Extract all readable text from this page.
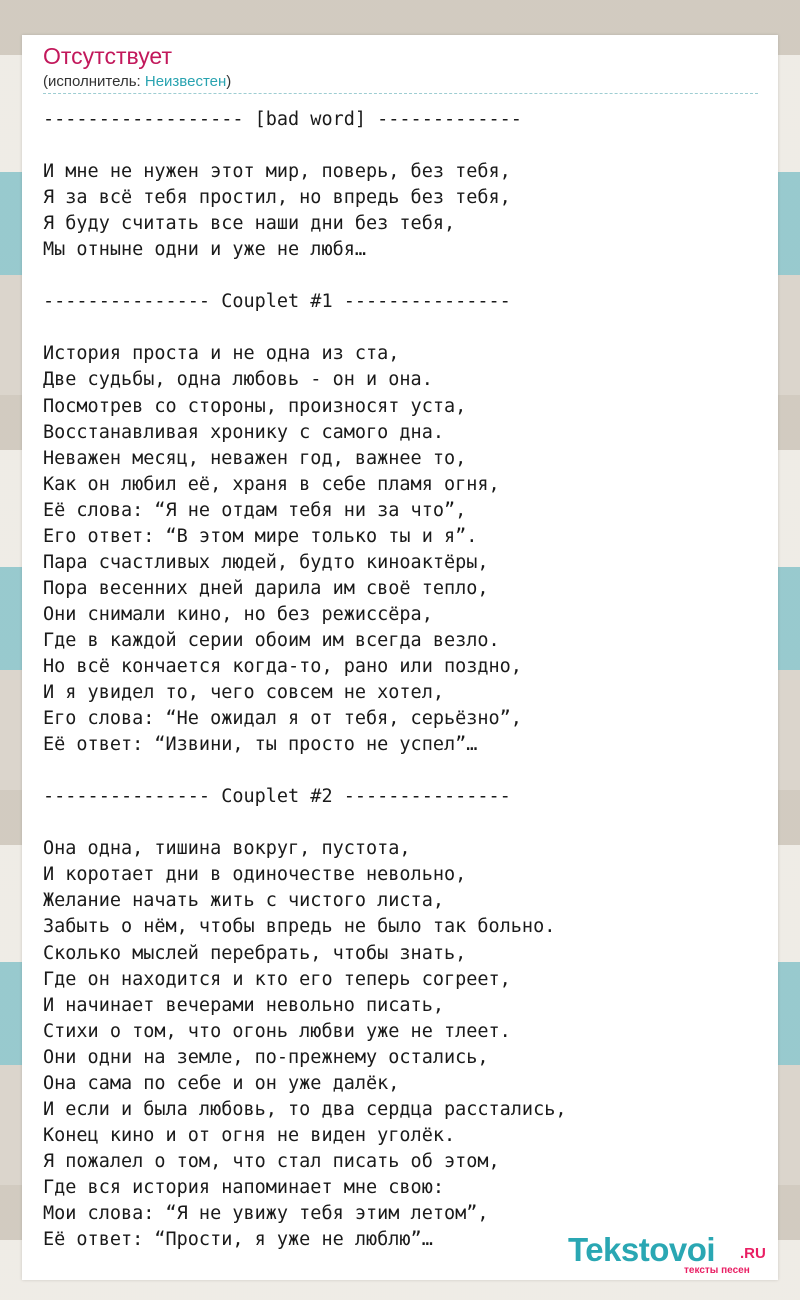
Отсутствует
(исполнитель: Неизвестен)
------------------ [bad word] -------------

И мне не нужен этот мир, поверь, без тебя,
Я за всё тебя простил, но впредь без тебя,
Я буду считать все наши дни без тебя,
Мы отныне одни и уже не любя…

--------------- Couplet #1 ---------------

История проста и не одна из ста,
Две судьбы, одна любовь - он и она.
Посмотрев со стороны, произносят уста,
Восстанавливая хронику с самого дна.
Неважен месяц, неважен год, важнее то,
Как он любил её, храня в себе пламя огня,
Её слова: “Я не отдам тебя ни за что”,
Его ответ: “В этом мире только ты и я”.
Пара счастливых людей, будто киноактёры,
Пора весенних дней дарила им своё тепло,
Они снимали кино, но без режиссёра,
Где в каждой серии обоим им всегда везло.
Но всё кончается когда-то, рано или поздно,
И я увидел то, чего совсем не хотел,
Его слова: “Не ожидал я от тебя, серьёзно”,
Её ответ: “Извини, ты просто не успел”…

--------------- Couplet #2 ---------------

Она одна, тишина вокруг, пустота,
И коротает дни в одиночестве невольно,
Желание начать жить с чистого листа,
Забыть о нём, чтобы впредь не было так больно.
Сколько мыслей перебрать, чтобы знать,
Где он находится и кто его теперь согреет,
И начинает вечерами невольно писать,
Стихи о том, что огонь любви уже не тлеет.
Они одни на земле, по-прежнему остались,
Она сама по себе и он уже далёк,
И если и была любовь, то два сердца расстались,
Конец кино и от огня не виден уголёк.
Я пожалел о том, что стал писать об этом,
Где вся история напоминает мне свою:
Мои слова: “Я не увижу тебя этим летом”,
Её ответ: “Прости, я уже не люблю”…	Tekstovoi .RU
тексты песен
